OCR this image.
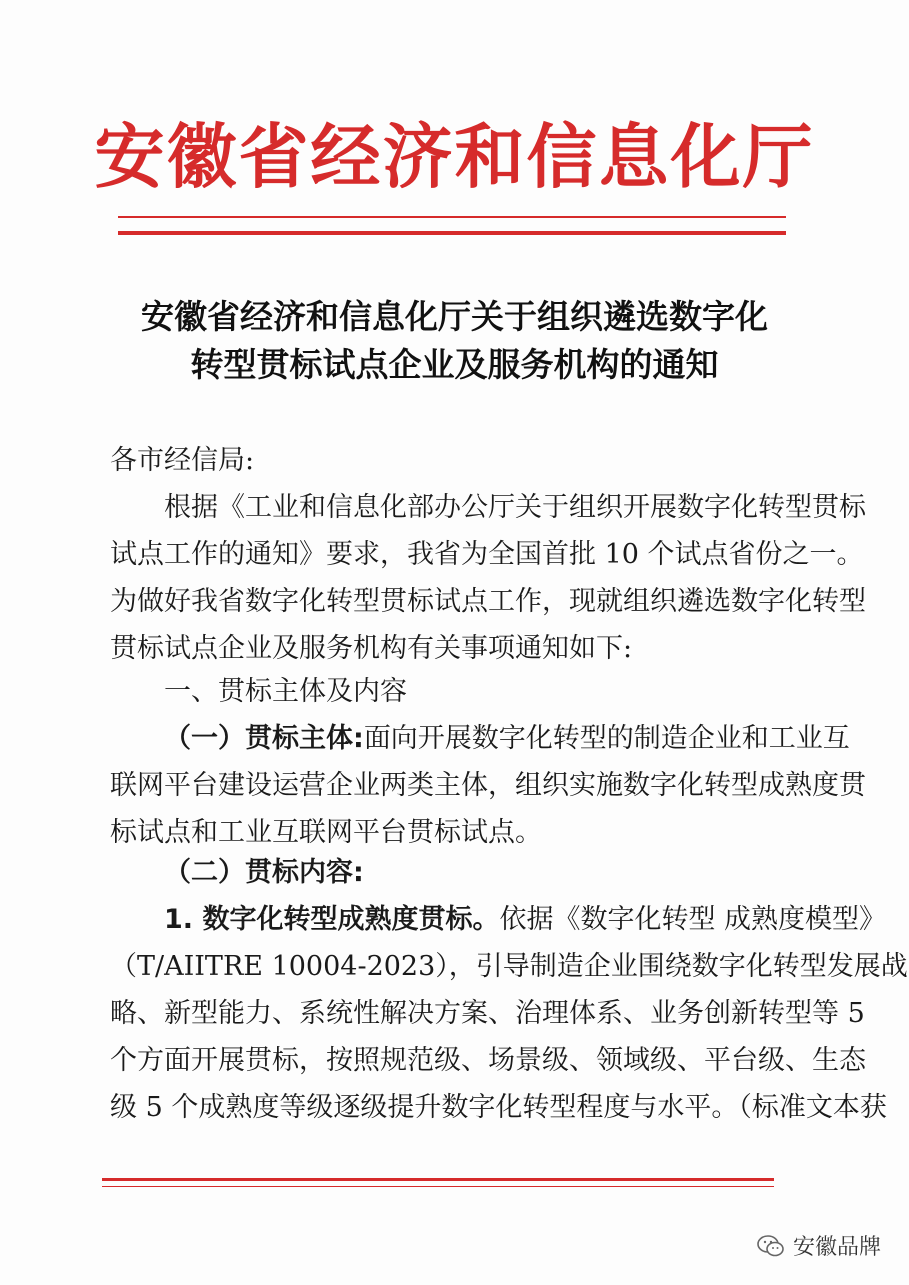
安徽省经济和信息化厅
安徽省经济和信息化厅关于组织遴选数字化
转型贯标试点企业及服务机构的通知
各市经信局:
根据《工业和信息化部办公厅关于组织开展数字化转型贯标
试点工作的通知》要求，我省为全国首批 10 个试点省份之一。
为做好我省数字化转型贯标试点工作，现就组织遴选数字化转型
贯标试点企业及服务机构有关事项通知如下:
一、贯标主体及内容
（一）贯标主体:面向开展数字化转型的制造企业和工业互
联网平台建设运营企业两类主体，组织实施数字化转型成熟度贯
标试点和工业互联网平台贯标试点。
（二）贯标内容:
1. 数字化转型成熟度贯标。依据《数字化转型 成熟度模型》
（T/AIITRE 10004-2023），引导制造企业围绕数字化转型发展战
略、新型能力、系统性解决方案、治理体系、业务创新转型等 5
个方面开展贯标，按照规范级、场景级、领域级、平台级、生态
级 5 个成熟度等级逐级提升数字化转型程度与水平。（标准文本获
安徽品牌
